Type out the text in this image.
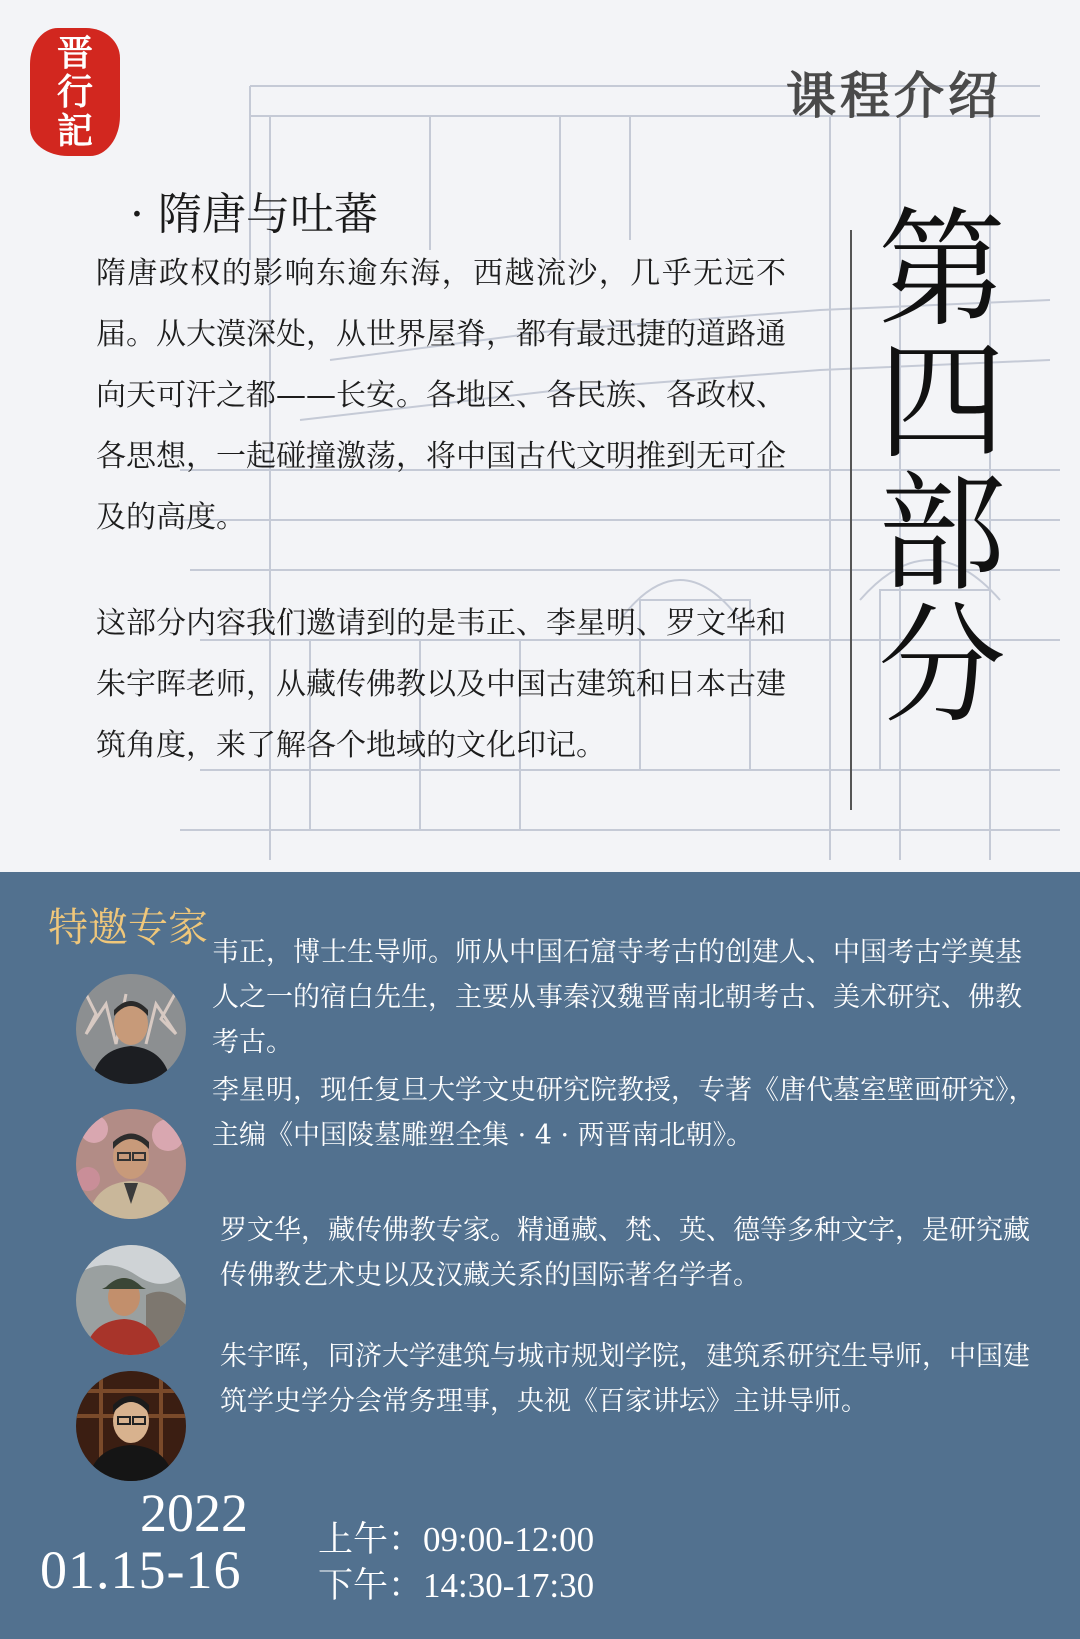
晋
行
記
课程介绍
· 隋唐与吐蕃

隋唐政权的影响东逾东海，西越流沙，几乎无远不届。从大漠深处，从世界屋脊，都有最迅捷的道路通向天可汗之都——长安。各地区、各民族、各政权、各思想，一起碰撞激荡，将中国古代文明推到无可企及的高度。

这部分内容我们邀请到的是韦正、李星明、罗文华和朱宇晖老师，从藏传佛教以及中国古建筑和日本古建筑角度，来了解各个地域的文化印记。

第四部分
特邀专家

韦正，博士生导师。师从中国石窟寺考古的创建人、中国考古学奠基人之一的宿白先生，主要从事秦汉魏晋南北朝考古、美术研究、佛教考古。

李星明，现任复旦大学文史研究院教授，专著《唐代墓室壁画研究》，主编《中国陵墓雕塑全集 · 4 · 两晋南北朝》。

罗文华，藏传佛教专家。精通藏、梵、英、德等多种文字，是研究藏传佛教艺术史以及汉藏关系的国际著名学者。

朱宇晖，同济大学建筑与城市规划学院，建筑系研究生导师，中国建筑学史学分会常务理事，央视《百家讲坛》主讲导师。

2022
01.15-16
上午：09:00-12:00
下午：14:30-17:30
